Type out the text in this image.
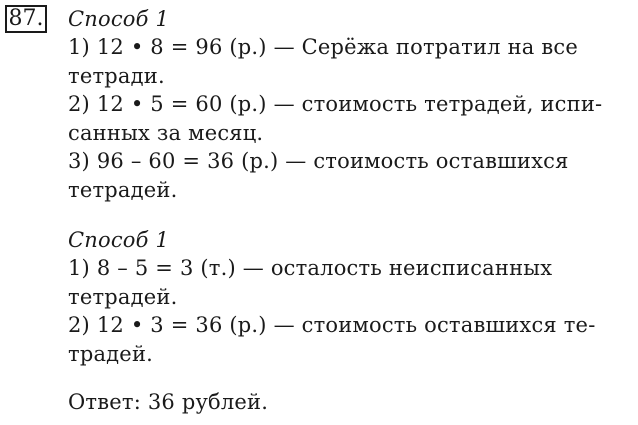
87. Способ 1
1) 12 • 8 = 96 (р.) — Серёжа потратил на все
тетради.
2) 12 • 5 = 60 (р.) — стоимость тетрадей, испи-
санных за месяц.
3) 96 – 60 = 36 (р.) — стоимость оставшихся
тетрадей.
Способ 1
1) 8 – 5 = 3 (т.) — осталость неисписанных
тетрадей.
2) 12 • 3 = 36 (р.) — стоимость оставшихся те-
традей.
Ответ: 36 рублей.
